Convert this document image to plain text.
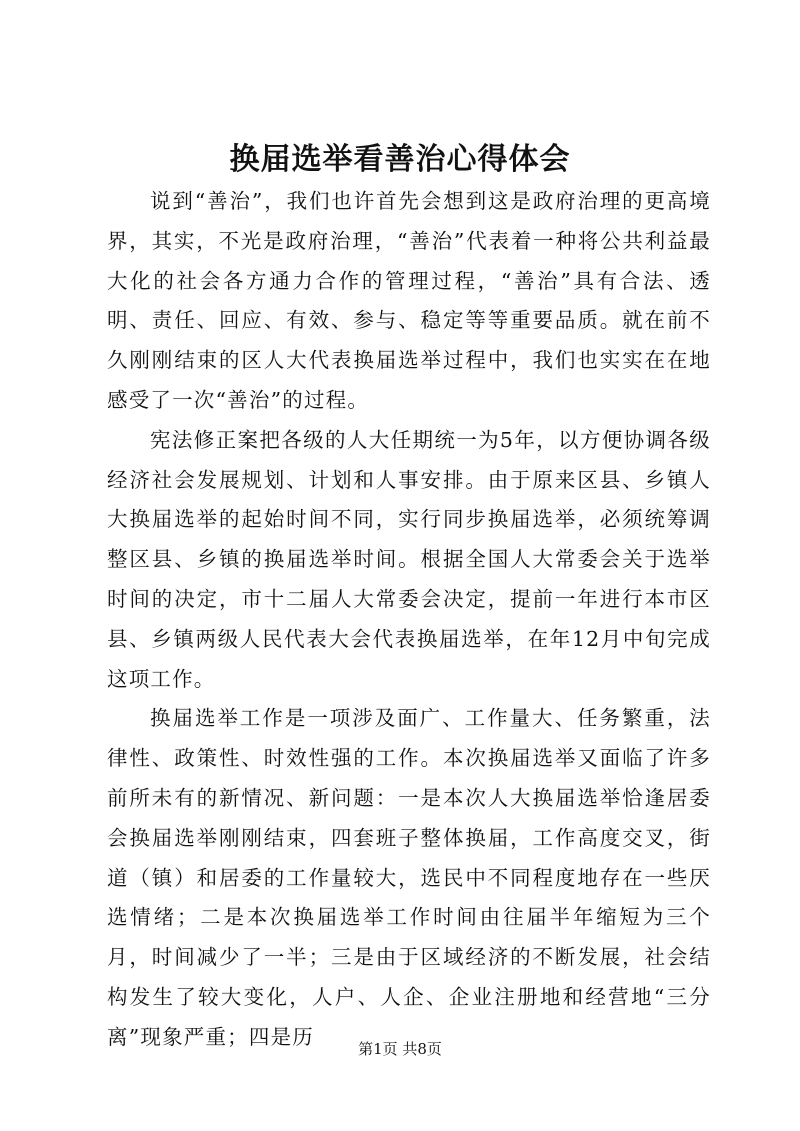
换届选举看善治心得体会

说到“善治”，我们也许首先会想到这是政府治理的更高境界，其实，不光是政府治理，“善治”代表着一种将公共利益最大化的社会各方通力合作的管理过程，“善治”具有合法、透明、责任、回应、有效、参与、稳定等等重要品质。就在前不久刚刚结束的区人大代表换届选举过程中，我们也实实在在地感受了一次“善治”的过程。

宪法修正案把各级的人大任期统一为5年，以方便协调各级经济社会发展规划、计划和人事安排。由于原来区县、乡镇人大换届选举的起始时间不同，实行同步换届选举，必须统筹调整区县、乡镇的换届选举时间。根据全国人大常委会关于选举时间的决定，市十二届人大常委会决定，提前一年进行本市区县、乡镇两级人民代表大会代表换届选举，在年12月中旬完成这项工作。

换届选举工作是一项涉及面广、工作量大、任务繁重，法律性、政策性、时效性强的工作。本次换届选举又面临了许多前所未有的新情况、新问题：一是本次人大换届选举恰逢居委会换届选举刚刚结束，四套班子整体换届，工作高度交叉，街道（镇）和居委的工作量较大，选民中不同程度地存在一些厌选情绪；二是本次换届选举工作时间由往届半年缩短为三个月，时间减少了一半；三是由于区域经济的不断发展，社会结构发生了较大变化，人户、人企、企业注册地和经营地“三分离”现象严重；四是历

第1页 共8页
